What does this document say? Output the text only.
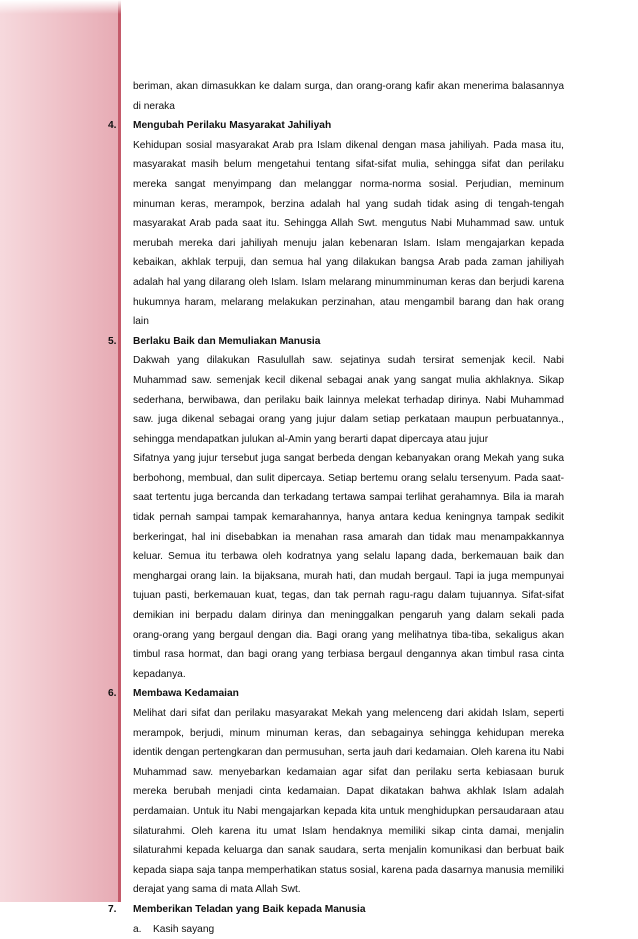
beriman, akan dimasukkan ke dalam surga, dan orang-orang kafir akan menerima balasannya di neraka

4.	Mengubah Perilaku Masyarakat Jahiliyah

Kehidupan sosial masyarakat Arab pra Islam dikenal dengan masa jahiliyah. Pada masa itu, masyarakat masih belum mengetahui tentang sifat-sifat mulia, sehingga sifat dan perilaku mereka sangat menyimpang dan melanggar norma-norma sosial. Perjudian, meminum minuman keras, merampok, berzina adalah hal yang sudah tidak asing di tengah-tengah masyarakat Arab pada saat itu. Sehingga Allah Swt. mengutus Nabi Muhammad saw. untuk merubah mereka dari jahiliyah menuju jalan kebenaran Islam. Islam mengajarkan kepada kebaikan, akhlak terpuji, dan semua hal yang dilakukan bangsa Arab pada zaman jahiliyah adalah hal yang dilarang oleh Islam. Islam melarang minumminuman keras dan berjudi karena hukumnya haram, melarang melakukan perzinahan, atau mengambil barang dan hak orang lain

5.	Berlaku Baik dan Memuliakan Manusia

Dakwah yang dilakukan Rasulullah saw. sejatinya sudah tersirat semenjak kecil. Nabi Muhammad saw. semenjak kecil dikenal sebagai anak yang sangat mulia akhlaknya. Sikap sederhana, berwibawa, dan perilaku baik lainnya melekat terhadap dirinya. Nabi Muhammad saw. juga dikenal sebagai orang yang jujur dalam setiap perkataan maupun perbuatannya., sehingga mendapatkan julukan al-Amin yang berarti dapat dipercaya atau jujur

Sifatnya yang jujur tersebut juga sangat berbeda dengan kebanyakan orang Mekah yang suka berbohong, membual, dan sulit dipercaya. Setiap bertemu orang selalu tersenyum. Pada saat-saat tertentu juga bercanda dan terkadang tertawa sampai terlihat gerahamnya. Bila ia marah tidak pernah sampai tampak kemarahannya, hanya antara kedua keningnya tampak sedikit berkeringat, hal ini disebabkan ia menahan rasa amarah dan tidak mau menampakkannya keluar. Semua itu terbawa oleh kodratnya yang selalu lapang dada, berkemauan baik dan menghargai orang lain. Ia bijaksana, murah hati, dan mudah bergaul. Tapi ia juga mempunyai tujuan pasti, berkemauan kuat, tegas, dan tak pernah ragu-ragu dalam tujuannya. Sifat-sifat demikian ini berpadu dalam dirinya dan meninggalkan pengaruh yang dalam sekali pada orang-orang yang bergaul dengan dia. Bagi orang yang melihatnya tiba-tiba, sekaligus akan timbul rasa hormat, dan bagi orang yang terbiasa bergaul dengannya akan timbul rasa cinta kepadanya.

6.	Membawa Kedamaian

Melihat dari sifat dan perilaku masyarakat Mekah yang melenceng dari akidah Islam, seperti merampok, berjudi, minum minuman keras, dan sebagainya sehingga kehidupan mereka identik dengan pertengkaran dan permusuhan, serta jauh dari kedamaian. Oleh karena itu Nabi Muhammad saw. menyebarkan kedamaian agar sifat dan perilaku serta kebiasaan buruk mereka berubah menjadi cinta kedamaian. Dapat dikatakan bahwa akhlak Islam adalah perdamaian. Untuk itu Nabi mengajarkan kepada kita untuk menghidupkan persaudaraan atau silaturahmi. Oleh karena itu umat Islam hendaknya memiliki sikap cinta damai, menjalin silaturahmi kepada keluarga dan sanak saudara, serta menjalin komunikasi dan berbuat baik kepada siapa saja tanpa memperhatikan status sosial, karena pada dasarnya manusia memiliki derajat yang sama di mata Allah Swt.

7.	Memberikan Teladan yang Baik kepada Manusia

a. Kasih sayang
